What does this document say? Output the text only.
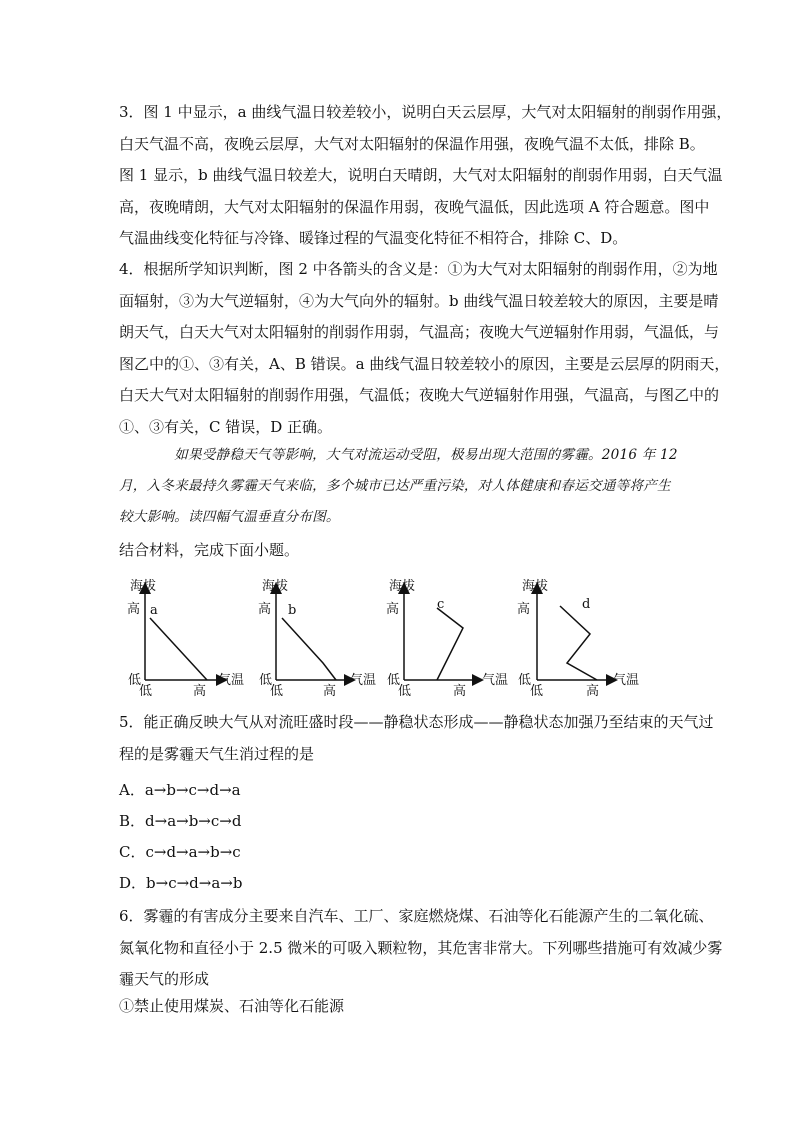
3．图 1 中显示，a 曲线气温日较差较小，说明白天云层厚，大气对太阳辐射的削弱作用强，
白天气温不高，夜晚云层厚，大气对太阳辐射的保温作用强，夜晚气温不太低，排除 B。
图 1 显示，b 曲线气温日较差大，说明白天晴朗，大气对太阳辐射的削弱作用弱，白天气温
高，夜晚晴朗，大气对太阳辐射的保温作用弱，夜晚气温低，因此选项 A 符合题意。图中
气温曲线变化特征与冷锋、暖锋过程的气温变化特征不相符合，排除 C、D。
4．根据所学知识判断，图 2 中各箭头的含义是：①为大气对太阳辐射的削弱作用，②为地
面辐射，③为大气逆辐射，④为大气向外的辐射。b 曲线气温日较差较大的原因，主要是晴
朗天气，白天大气对太阳辐射的削弱作用弱，气温高；夜晚大气逆辐射作用弱，气温低，与
图乙中的①、③有关，A、B 错误。a 曲线气温日较差较小的原因，主要是云层厚的阴雨天，
白天大气对太阳辐射的削弱作用强，气温低；夜晚大气逆辐射作用强，气温高，与图乙中的
①、③有关，C 错误，D 正确。
　　　　如果受静稳天气等影响，大气对流运动受阻，极易出现大范围的雾霾。2016 年 12
月，入冬来最持久雾霾天气来临，多个城市已达严重污染，对人体健康和春运交通等将产生
较大影响。读四幅气温垂直分布图。
结合材料，完成下面小题。
海拔
高
低
低	高
气温
a
海拔
高
低
低	高
气温
b
海拔
高
低
低	高
气温
c
海拔
高
低
低	高
气温
d
5．能正确反映大气从对流旺盛时段——静稳状态形成——静稳状态加强乃至结束的天气过
程的是雾霾天气生消过程的是

A．a→b→c→d→a

B．d→a→b→c→d

C．c→d→a→b→c

D．b→c→d→a→b

6．雾霾的有害成分主要来自汽车、工厂、家庭燃烧煤、石油等化石能源产生的二氧化硫、
氮氧化物和直径小于 2.5 微米的可吸入颗粒物，其危害非常大。下列哪些措施可有效减少雾
霾天气的形成

①禁止使用煤炭、石油等化石能源
